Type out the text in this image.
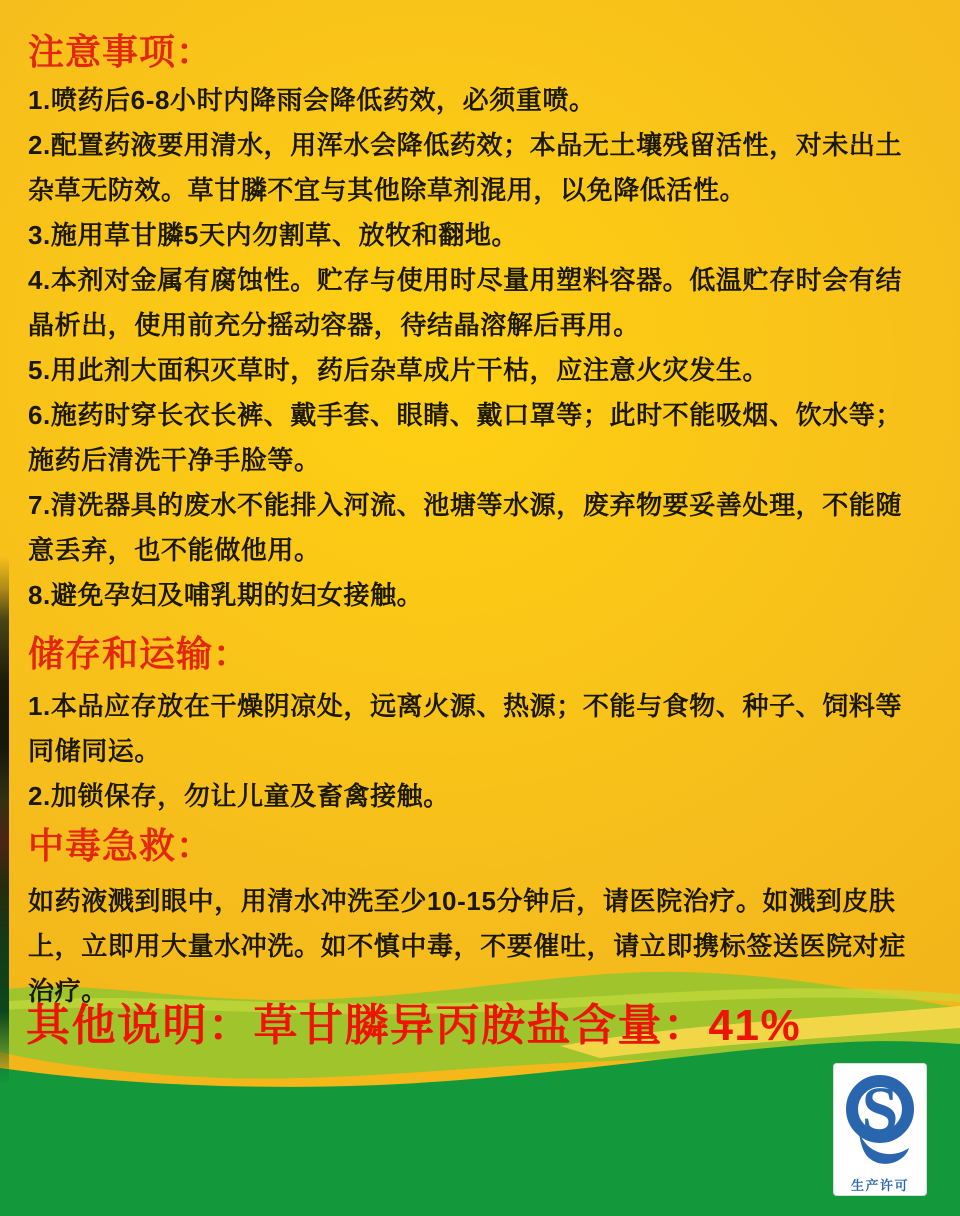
注意事项：
1.喷药后6-8小时内降雨会降低药效，必须重喷。
2.配置药液要用清水，用浑水会降低药效；本品无土壤残留活性，对未出土
杂草无防效。草甘膦不宜与其他除草剂混用，以免降低活性。
3.施用草甘膦5天内勿割草、放牧和翻地。
4.本剂对金属有腐蚀性。贮存与使用时尽量用塑料容器。低温贮存时会有结
晶析出，使用前充分摇动容器，待结晶溶解后再用。
5.用此剂大面积灭草时，药后杂草成片干枯，应注意火灾发生。
6.施药时穿长衣长裤、戴手套、眼睛、戴口罩等；此时不能吸烟、饮水等；
施药后清洗干净手脸等。
7.清洗器具的废水不能排入河流、池塘等水源，废弃物要妥善处理，不能随
意丢弃，也不能做他用。
8.避免孕妇及哺乳期的妇女接触。
储存和运输：
1.本品应存放在干燥阴凉处，远离火源、热源；不能与食物、种子、饲料等
同储同运。
2.加锁保存，勿让儿童及畜禽接触。
中毒急救：
如药液溅到眼中，用清水冲洗至少10-15分钟后，请医院治疗。如溅到皮肤
上，立即用大量水冲洗。如不慎中毒，不要催吐，请立即携标签送医院对症
治疗。
其他说明：草甘膦异丙胺盐含量：41%
S
生产许可
